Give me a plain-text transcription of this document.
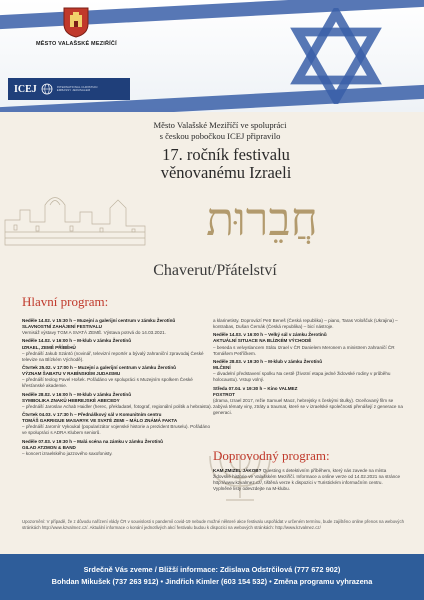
MĚSTO VALAŠSKÉ MEZIŘÍČÍ
ICEJ	INTERNATIONAL CHRISTIAN EMBASSY JERUSALEM
Město Valašské Meziříčí ve spolupráci
s českou pobočkou ICEJ připravilo
17. ročník festivalu
věnovanému Izraeli
חֲבֵרוּת
Chaverut/Přátelství
Hlavní program:
Neděle 14.02. v 15:30 h – Muzejní a galerijní centrum v zámku Žerotínů
SLAVNOSTNÍ ZAHÁJENÍ FESTIVALU
Vernisáž výstavy TGM A SVATÁ ZEMĚ. Výstava potrvá do 14.03.2021.
Neděle 14.02. v 16:00 h – M-klub v zámku Žerotínů
IZRAEL, ZEMĚ PŘÍBĚHŮ
– přednáší Jakub Szántó (novinář, televizní reportér a bývalý zahraniční zpravodaj České televize na Blízkém Východě).
Čtvrtek 25.02. v 17:00 h – Muzejní a galerijní centrum v zámku Žerotínů
VÝZNAM ŠABATU V RABÍNSKÉM JUDAISMU
– přednáší teolog Pavel Hošek. Pořádáno ve spolupráci s Muzejním spolkem České křesťanské akademie.
Neděle 28.02. v 16:00 h – M-klub v zámku Žerotínů
SYMBOLIKA ZNAKŮ HEBREJSKÉ ABECEDY
– přednáší Jaroslav Achab Haidler (herec, překladatel, fotograf, regionální politik a hebraista).
Čtvrtek 04.03. v 17:30 h – Přednáškový sál v Komunitním centru
TOMÁŠ GARRIGUE MASARYK VE SVATÉ ZEMI – MÁLO ZNÁMÁ FAKTA
– přednáší Jaromír Vykoukal (popularizátor vojenské historie a prezident Bruselu). Pořádáno ve spolupráci s ADRA Klubem seniorů.
Neděle 07.03. v 19:30 h – Malá scéna na zámku v zámku Žerotínů
GILAD ATZMON & BAND
– koncert izraelského jazzového saxofonisty.
a klarinetisty. Doprovází Petr Beneš (Česká republika) – piano, Taras Vološčuk (Ukrajina) – kontrabas, Dušan Černák (Česká republika) – bicí nástroje.
Neděle 14.03. v 16:00 h – Velký sál v zámku Žerotínů
AKTUÁLNÍ SITUACE NA BLÍZKÉM VÝCHODĚ
– beseda s velvyslancem Státu Izrael v ČR Danielem Meronem a ministrem zahraničí ČR Tomášem Petříčkem.
Neděle 28.03. v 19:30 h – M-klub v zámku Žerotínů
MLČENÍ
– divadelní představení spolku Na cestě (životní etapa jedné židovské rodiny v průběhu holocaustu). Vstup volný.
Středa 07.04. v 19:30 h – Kino VALMEZ
FOXTROT
(drama, Izrael 2017, režie Samuel Maoz, hebrejsky s českými titulky). Oceňovaný film se zabývá tématy viny, ztráty a traumat, které se v izraelské společnosti přenášejí z generace na generaci.
Doprovodný program:
KAM ZMIZEL JÁKOB? Questing s detektivním příběhem, který nás zavede na místa židovské historie ve Valašském Meziříčí. Informace a online verze od 14.02.2021 na stránce http://www.kzvalmez.cz/, tištěná verze k dispozici v Turistickém informačním centru. Vyplněné listy odevzdejte na M-klubu.
Upozornění: V případě, že z důvodu nařízení vlády ČR v souvislosti s pandemií covid-19 nebude možné některé akce festivalu uspořádat v určeném termínu, bude zajištěno online přenos na webových stránkách http://www.kzvalmez.cz/. Aktuální informace o konání jednotlivých akcí festivalu budou k dispozici na webových stránkách: http://www.kzvalmez.cz/
Srdečně Vás zveme / Bližší informace: Zdislava Odstrčilová (777 672 902)
Bohdan Mikušek (737 263 912) • Jindřich Kimler (603 154 532) • Změna programu vyhrazena
